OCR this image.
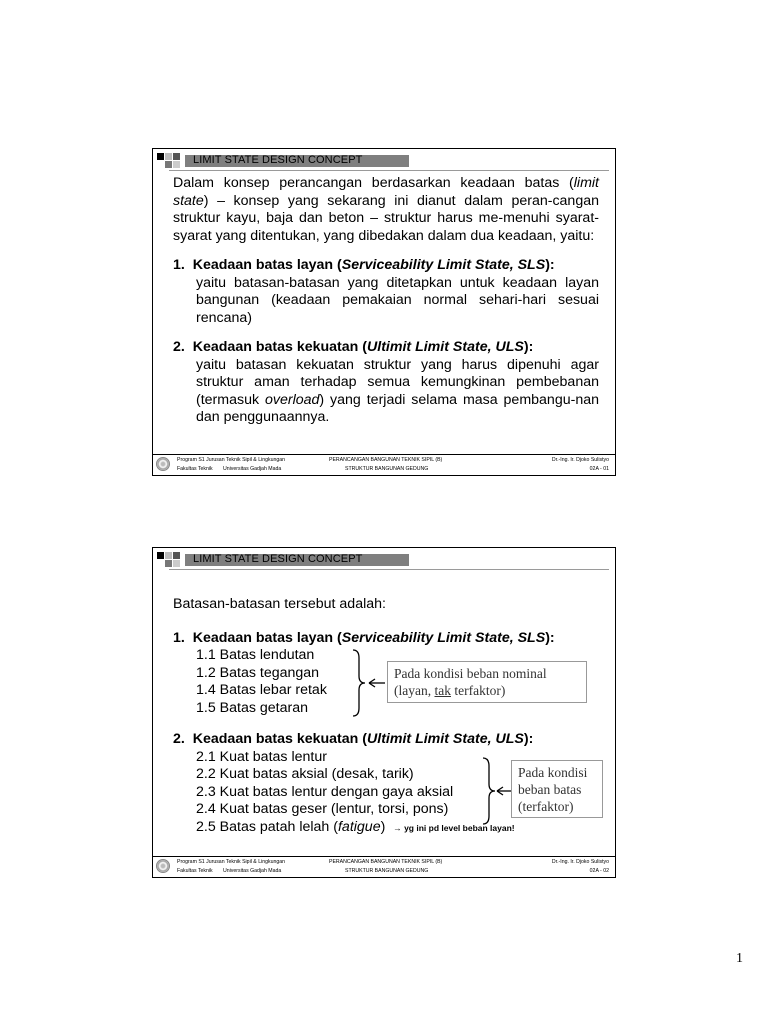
LIMIT STATE DESIGN CONCEPT

Dalam konsep perancangan berdasarkan keadaan batas (limit state) – konsep yang sekarang ini dianut dalam peran-cangan struktur kayu, baja dan beton – struktur harus me-menuhi syarat-syarat yang ditentukan, yang dibedakan dalam dua keadaan, yaitu:

1. Keadaan batas layan (Serviceability Limit State, SLS):
yaitu batasan-batasan yang ditetapkan untuk keadaan layan bangunan (keadaan pemakaian normal sehari-hari sesuai rencana)
2. Keadaan batas kekuatan (Ultimit Limit State, ULS):
yaitu batasan kekuatan struktur yang harus dipenuhi agar struktur aman terhadap semua kemungkinan pembebanan (termasuk overload) yang terjadi selama masa pembangu-nan dan penggunaannya.
Program S1 Jurusan Teknik Sipil & Lingkungan
Fakultas Teknik Universitas Gadjah Mada
PERANCANGAN BANGUNAN TEKNIK SIPIL (B)
STRUKTUR BANGUNAN GEDUNG
Dr.-Ing. Ir. Djoko Sulistyo
02A - 01
LIMIT STATE DESIGN CONCEPT
Batasan-batasan tersebut adalah:
1. Keadaan batas layan (Serviceability Limit State, SLS):
1.1 Batas lendutan
1.2 Batas tegangan
1.4 Batas lebar retak
1.5 Batas getaran
2. Keadaan batas kekuatan (Ultimit Limit State, ULS):
2.1 Kuat batas lentur
2.2 Kuat batas aksial (desak, tarik)
2.3 Kuat batas lentur dengan gaya aksial
2.4 Kuat batas geser (lentur, torsi, pons)
2.5 Batas patah lelah (fatigue) → yg ini pd level beban layan!
Pada kondisi beban nominal
(layan, tak terfaktor)
Pada kondisi
beban batas
(terfaktor)
Program S1 Jurusan Teknik Sipil & Lingkungan
Fakultas Teknik Universitas Gadjah Mada
PERANCANGAN BANGUNAN TEKNIK SIPIL (B)
STRUKTUR BANGUNAN GEDUNG
Dr.-Ing. Ir. Djoko Sulistyo
02A - 02
1
